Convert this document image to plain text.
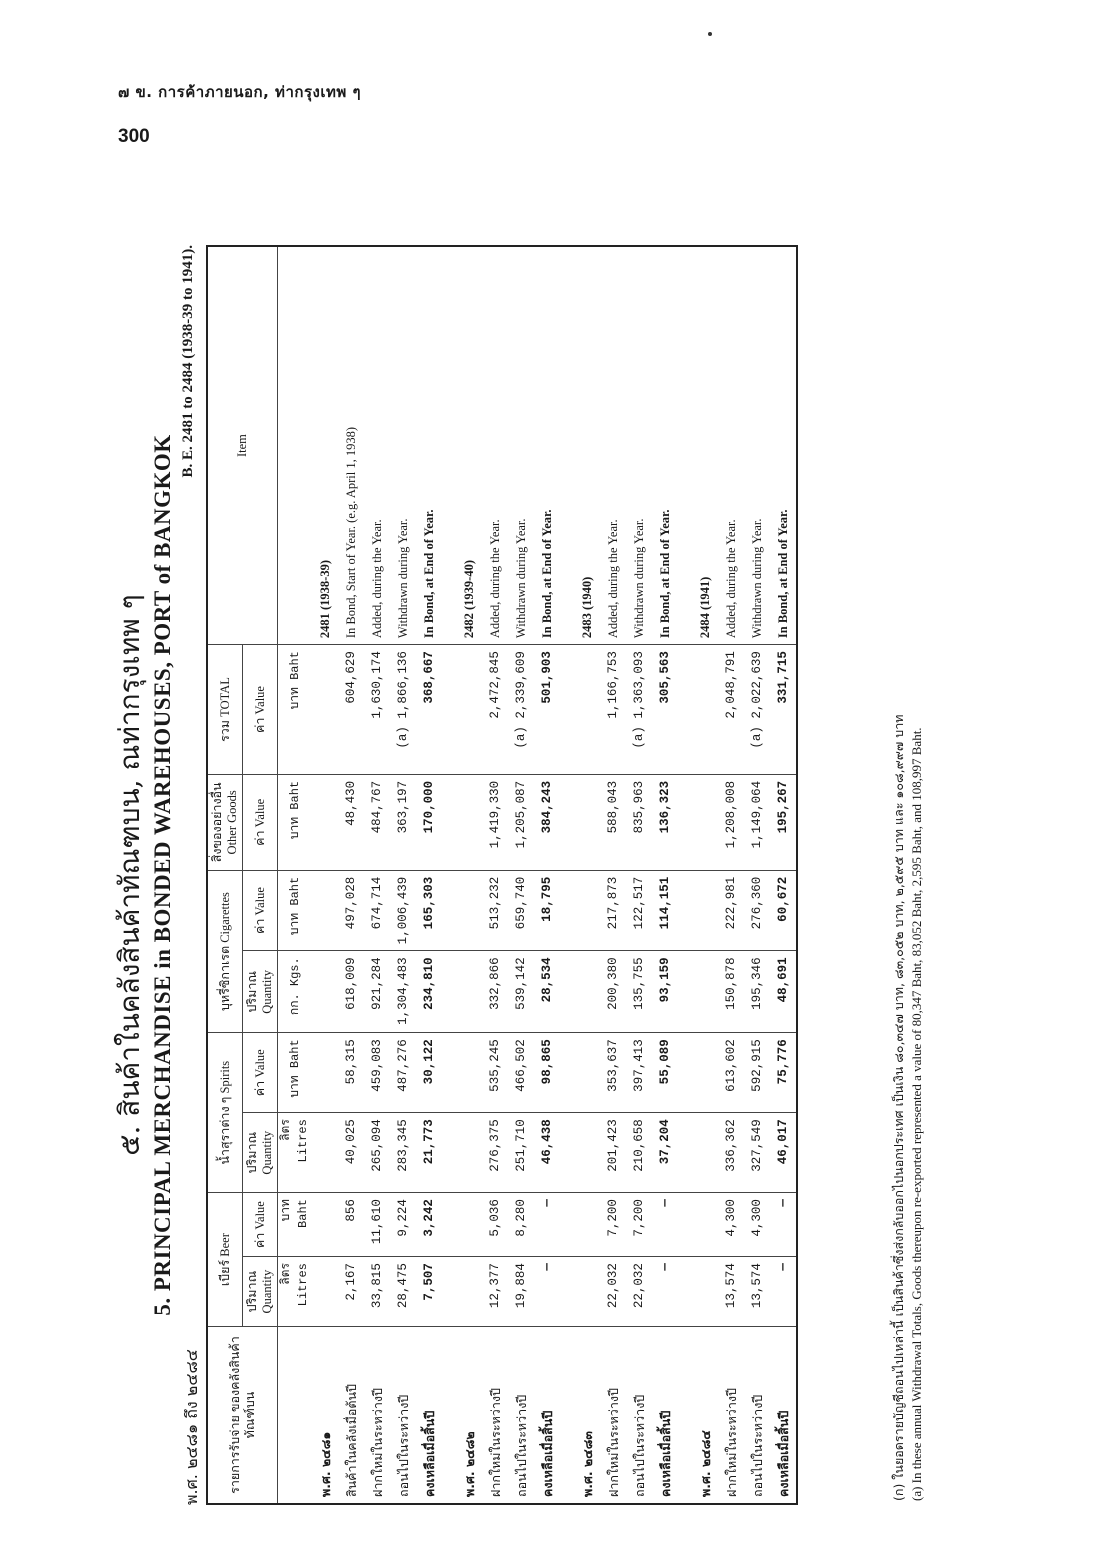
๗ ข. การค้าภายนอก, ท่ากรุงเทพ ๆ
300
๕. สินค้าในคลังสินค้าทัณฑบน, ณท่ากรุงเทพ ๆ 5. PRINCIPAL MERCHANDISE in BONDED WAREHOUSES, PORT of BANGKOK
พ.ศ. ๒๔๘๑ ถึง ๒๔๘๔
B. E. 2481 to 2484 (1938-39 to 1941).
รายการรับจ่าย ของคลังสินค้าทัณฑ์บน	เบียร์ Beer		น้ำสุราต่าง ๆ Spirits		บุหรี่ซิกาเรต Cigarettes		สิ่งของอย่างอื่น Other Goods	รวม TOTAL	Item
	ปริมาณ Quantity	ค่า Value	ปริมาณ Quantity	ค่า Value	ปริมาณ Quantity	ค่า Value	ค่า Value	ค่า Value	
	ลิตร Litres	บาท Baht	ลิตร Litres	บาท Baht	กก. Kgs.	บาท Baht	บาท Baht	บาท Baht	
พ.ศ. ๒๔๘๑									2481 (1938-39)
สินค้าในคลังเมื่อต้นปี	2,167	856	40,025	58,315	618,009	497,028	48,430	604,629	In Bond, Start of Year. (e.g. April 1, 1938)
ฝากใหม่ในระหว่างปี	33,815	11,610	265,094	459,083	921,284	674,714	484,767	1,630,174	Added, during the Year.
ถอนไปในระหว่างปี	28,475	9,224	283,345	487,276	1,304,483	1,006,439	363,197	(a) 1,866,136	Withdrawn during Year.
คงเหลือเมื่อสิ้นปี	7,507	3,242	21,773	30,122	234,810	165,303	170,000	368,667	In Bond, at End of Year.

พ.ศ. ๒๔๘๒									2482 (1939-40)
ฝากใหม่ในระหว่างปี	12,377	5,036	276,375	535,245	332,866	513,232	1,419,330	2,472,845	Added, during the Year.
ถอนไปในระหว่างปี	19,884	8,280	251,710	466,502	539,142	659,740	1,205,087	(a) 2,339,609	Withdrawn during Year.
คงเหลือเมื่อสิ้นปี	—	—	46,438	98,865	28,534	18,795	384,243	501,903	In Bond, at End of Year.

พ.ศ. ๒๔๘๓									2483 (1940)
ฝากใหม่ในระหว่างปี	22,032	7,200	201,423	353,637	200,380	217,873	588,043	1,166,753	Added, during the Year.
ถอนไปในระหว่างปี	22,032	7,200	210,658	397,413	135,755	122,517	835,963	(a) 1,363,093	Withdrawn during Year.
คงเหลือเมื่อสิ้นปี	—	—	37,204	55,089	93,159	114,151	136,323	305,563	In Bond, at End of Year.

พ.ศ. ๒๔๘๔									2484 (1941)
ฝากใหม่ในระหว่างปี	13,574	4,300	336,362	613,602	150,878	222,981	1,208,008	2,048,791	Added, during the Year.
ถอนไปในระหว่างปี	13,574	4,300	327,549	592,915	195,346	276,360	1,149,064	(a) 2,022,639	Withdrawn during Year.
คงเหลือเมื่อสิ้นปี	—	—	46,017	75,776	48,691	60,672	195,267	331,715	In Bond, at End of Year.
(ก) ในยอดรายบัญชีถอนไปเหล่านี้ เป็นสินค้าซึ่งส่งกลับออกไปนอกประเทศ เป็นเงิน ๘๐,๓๔๗ บาท, ๘๓,๐๕๒ บาท, ๒,๕๙๕ บาท และ ๑๐๘,๙๙๗ บาท (a) In these annual Withdrawal Totals, Goods thereupon re-exported represented a value of 80,347 Baht, 83,052 Baht, 2,595 Baht, and 108,997 Baht.
